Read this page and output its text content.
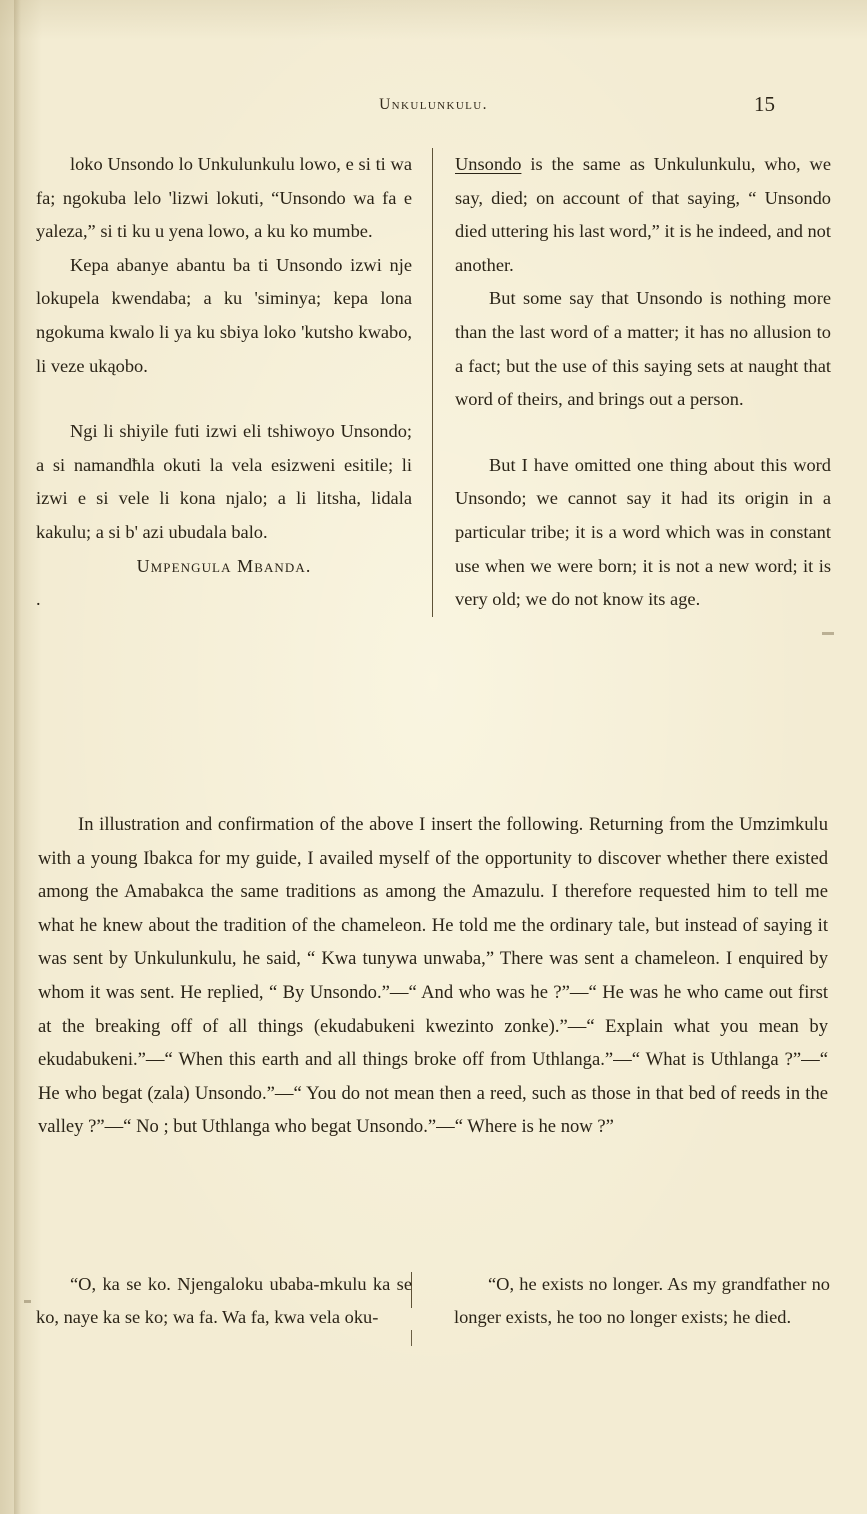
Unkulunkulu.	15

loko Unsondo lo Unkulunkulu lowo, e si ti wa fa; ngokuba lelo 'lizwi lokuti, “Unsondo wa fa e yaleza,” si ti ku u yena lowo, a ku ko mumbe.

Kepa abanye abantu ba ti Unsondo izwi nje lokupela kwendaba; a ku 'siminya; kepa lona ngokuma kwalo li ya ku sbiya loko 'kutsho kwabo, li veze ukąobo.

Ngi li shiyile futi izwi eli tshiwoyo Unsondo; a si namandħla okuti la vela esizweni esitile; li izwi e si vele li kona njalo; a li litsha, lidala kakulu; a si b' azi ubudala balo.

Umpengula Mbanda.

.

Unsondo is the same as Unkulunkulu, who, we say, died; on account of that saying, “ Unsondo died uttering his last word,” it is he indeed, and not another.

But some say that Unsondo is nothing more than the last word of a matter; it has no allusion to a fact; but the use of this saying sets at naught that word of theirs, and brings out a person.

But I have omitted one thing about this word Unsondo; we cannot say it had its origin in a particular tribe; it is a word which was in constant use when we were born; it is not a new word; it is very old; we do not know its age.

In illustration and confirmation of the above I insert the following. Returning from the Umzimkulu with a young Ibakca for my guide, I availed myself of the opportunity to discover whether there existed among the Amabakca the same traditions as among the Amazulu. I therefore requested him to tell me what he knew about the tradition of the chameleon. He told me the ordinary tale, but instead of saying it was sent by Unkulunkulu, he said, “ Kwa tunywa unwaba,” There was sent a chameleon. I enquired by whom it was sent. He replied, “ By Unsondo.”—“ And who was he ?”—“ He was he who came out first at the breaking off of all things (ekudabukeni kwezinto zonke).”—“ Explain what you mean by ekudabukeni.”—“ When this earth and all things broke off from Uthlanga.”—“ What is Uthlanga ?”—“ He who begat (zala) Unsondo.”—“ You do not mean then a reed, such as those in that bed of reeds in the valley ?”—“ No ; but Uthlanga who begat Unsondo.”—“ Where is he now ?”

“O, ka se ko. Njengaloku ubaba-mkulu ka se ko, naye ka se ko; wa fa. Wa fa, kwa vela oku-

“O, he exists no longer. As my grandfather no longer exists, he too no longer exists; he died.
